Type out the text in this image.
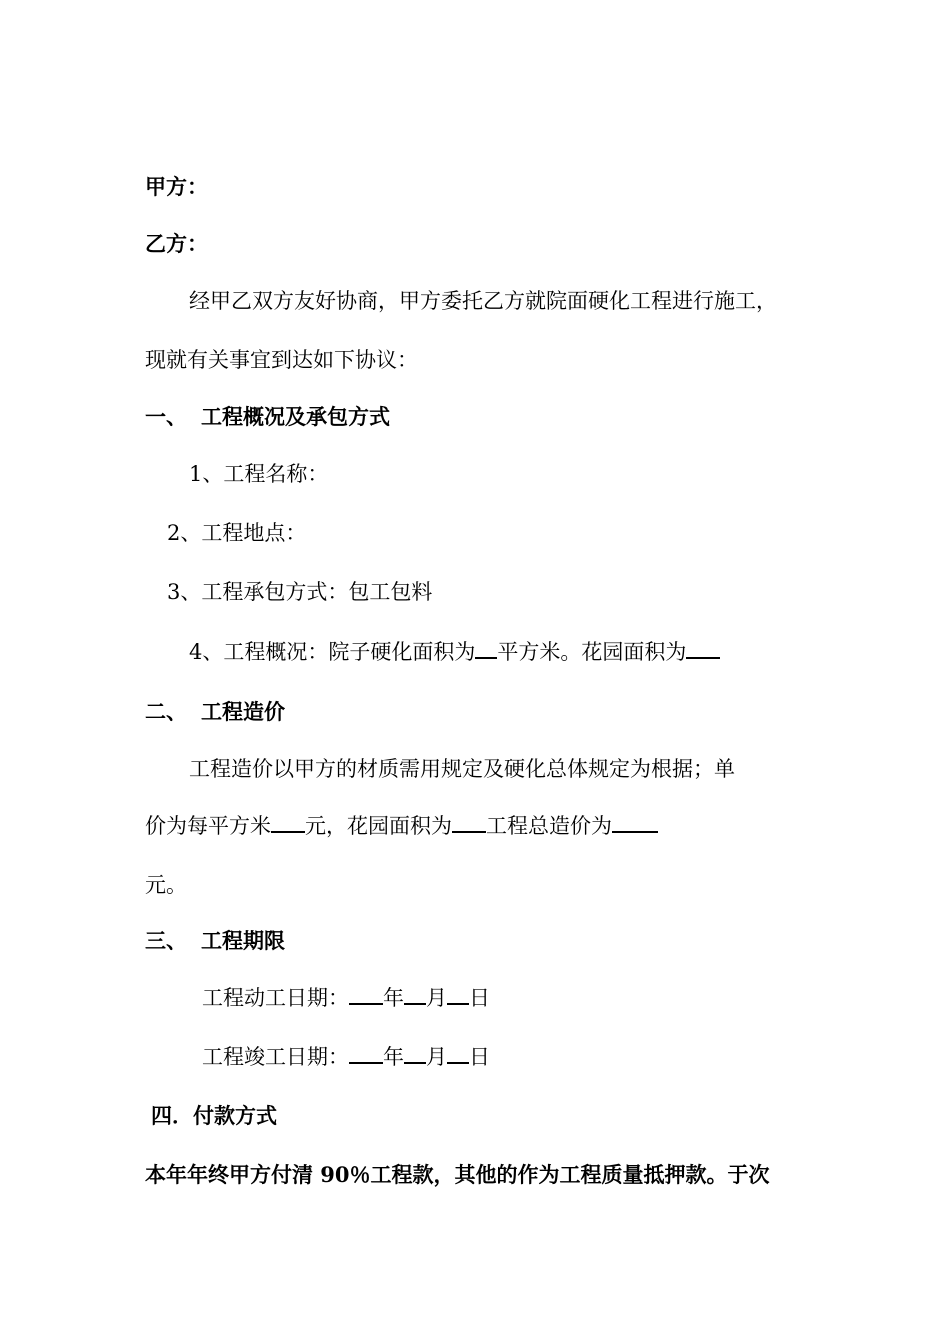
甲方：
乙方：
经甲乙双方友好协商，甲方委托乙方就院面硬化工程进行施工，
现就有关事宜到达如下协议：
一、 工程概况及承包方式
1、工程名称：
2、工程地点：
3、工程承包方式：包工包料
4、工程概况：院子硬化面积为 平方米。花园面积为
二、 工程造价
工程造价以甲方的材质需用规定及硬化总体规定为根据；单
价为每平方米 元，花园面积为 工程总造价为
元。
三、 工程期限
工程动工日期： 年 月 日
工程竣工日期： 年 月 日
四．付款方式
本年年终甲方付清 90％工程款，其他的作为工程质量抵押款。于次
